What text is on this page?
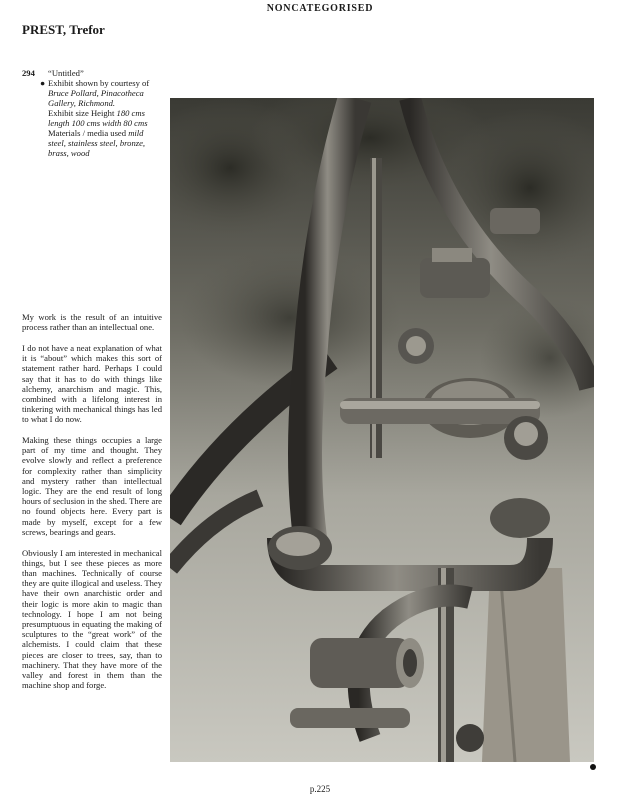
NONCATEGORISED
PREST, Trefor
294
●
“Untitled”
Exhibit shown by courtesy of Bruce Pollard, Pinacotheca Gallery, Richmond.
Exhibit size Height 180 cms length 100 cms width 80 cms
Materials / media used mild steel, stainless steel, bronze, brass, wood

My work is the result of an intuitive process rather than an intellectual one.

I do not have a neat explanation of what it is “about” which makes this sort of statement rather hard. Perhaps I could say that it has to do with things like alchemy, anarchism and magic. This, combined with a lifelong interest in tinkering with mechanical things has led to what I do now.

Making these things occupies a large part of my time and thought. They evolve slowly and reflect a preference for complexity rather than simplicity and mystery rather than intellectual logic. They are the end result of long hours of seclusion in the shed. There are no found objects here. Every part is made by myself, except for a few screws, bearings and gears.

Obviously I am interested in mechanical things, but I see these pieces as more than machines. Technically of course they are quite illogical and useless. They have their own anarchistic order and their logic is more akin to magic than technology. I hope I am not being presumptuous in equating the making of sculptures to the “great work” of the alchemists. I could claim that these pieces are closer to trees, say, than to machinery. That they have more of the valley and forest in them than the machine shop and forge.

p.225
